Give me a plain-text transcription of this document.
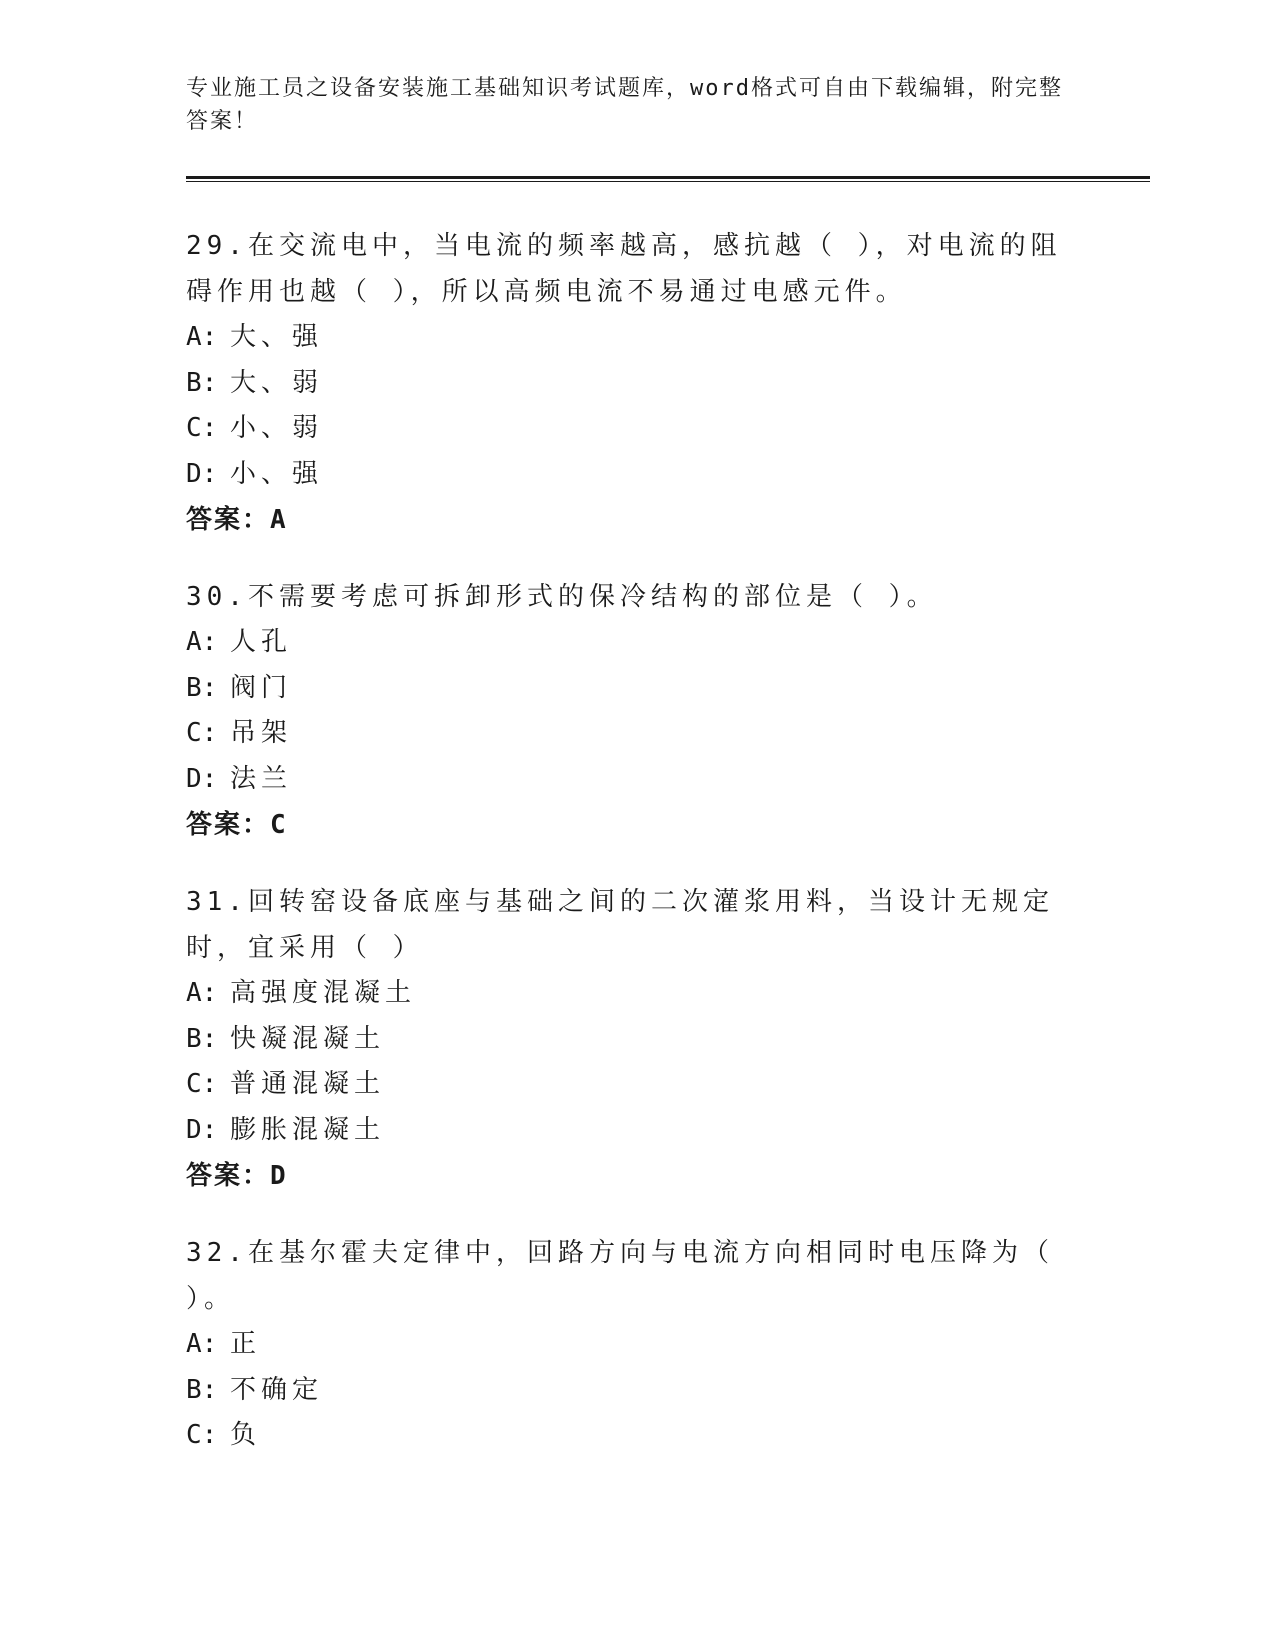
专业施工员之设备安装施工基础知识考试题库，word格式可自由下载编辑，附完整答案！

29.在交流电中，当电流的频率越高，感抗越（ ），对电流的阻碍作用也越（ ），所以高频电流不易通过电感元件。

A: 大、强

B: 大、弱

C: 小、弱

D: 小、强

答案：A

30.不需要考虑可拆卸形式的保冷结构的部位是（ ）。

A: 人孔

B: 阀门

C: 吊架

D: 法兰

答案：C

31.回转窑设备底座与基础之间的二次灌浆用料，当设计无规定时，宜采用（ ）

A: 高强度混凝土

B: 快凝混凝土

C: 普通混凝土

D: 膨胀混凝土

答案：D

32.在基尔霍夫定律中，回路方向与电流方向相同时电压降为（ ）。

A: 正

B: 不确定

C: 负
